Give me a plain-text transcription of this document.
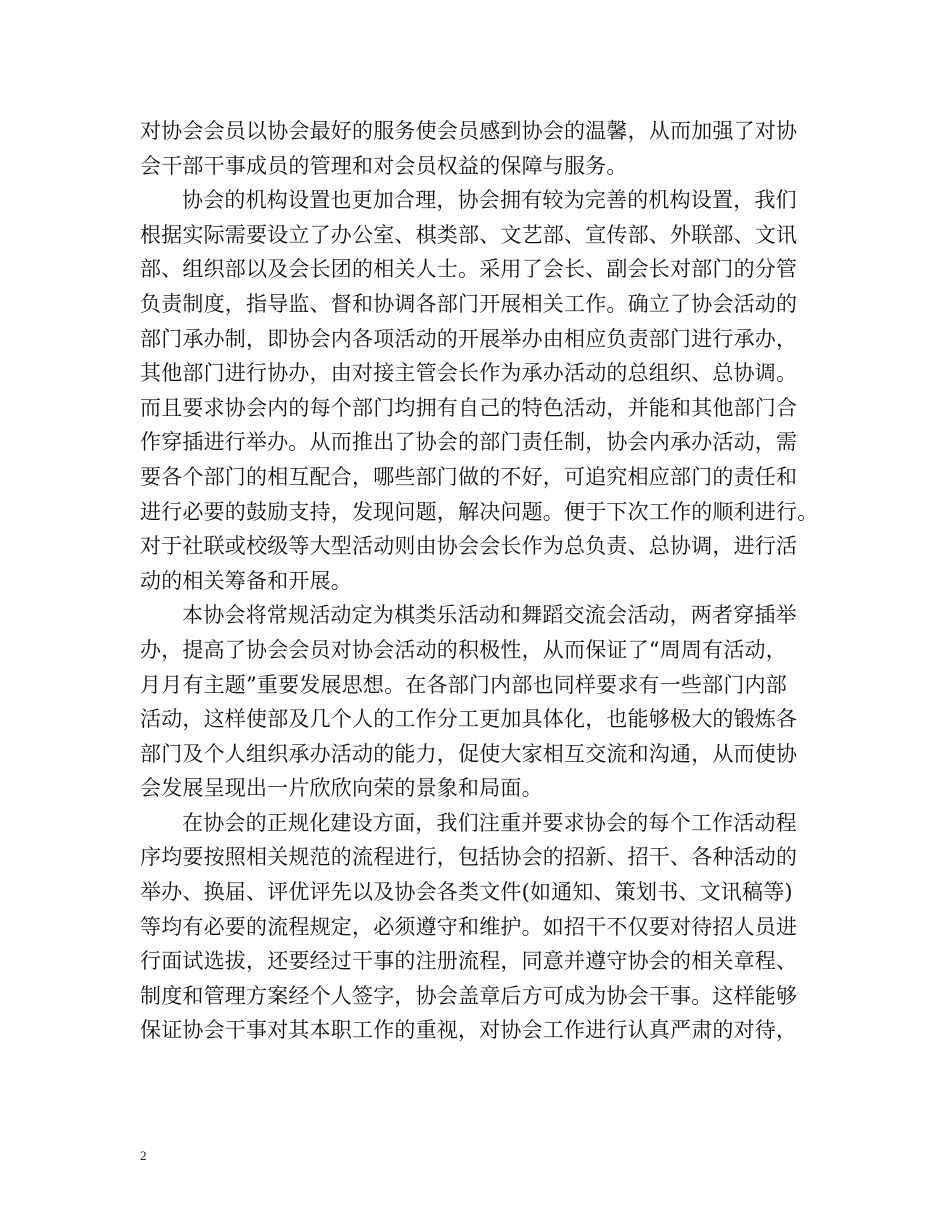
对协会会员以协会最好的服务使会员感到协会的温馨，从而加强了对协
会干部干事成员的管理和对会员权益的保障与服务。
协会的机构设置也更加合理，协会拥有较为完善的机构设置，我们
根据实际需要设立了办公室、棋类部、文艺部、宣传部、外联部、文讯
部、组织部以及会长团的相关人士。采用了会长、副会长对部门的分管
负责制度，指导监、督和协调各部门开展相关工作。确立了协会活动的
部门承办制，即协会内各项活动的开展举办由相应负责部门进行承办，
其他部门进行协办，由对接主管会长作为承办活动的总组织、总协调。
而且要求协会内的每个部门均拥有自己的特色活动，并能和其他部门合
作穿插进行举办。从而推出了协会的部门责任制，协会内承办活动，需
要各个部门的相互配合，哪些部门做的不好，可追究相应部门的责任和
进行必要的鼓励支持，发现问题，解决问题。便于下次工作的顺利进行。
对于社联或校级等大型活动则由协会会长作为总负责、总协调，进行活
动的相关筹备和开展。
本协会将常规活动定为棋类乐活动和舞蹈交流会活动，两者穿插举
办，提高了协会会员对协会活动的积极性，从而保证了“周周有活动，
月月有主题”重要发展思想。在各部门内部也同样要求有一些部门内部
活动，这样使部及几个人的工作分工更加具体化，也能够极大的锻炼各
部门及个人组织承办活动的能力，促使大家相互交流和沟通，从而使协
会发展呈现出一片欣欣向荣的景象和局面。
在协会的正规化建设方面，我们注重并要求协会的每个工作活动程
序均要按照相关规范的流程进行，包括协会的招新、招干、各种活动的
举办、换届、评优评先以及协会各类文件(如通知、策划书、文讯稿等)
等均有必要的流程规定，必须遵守和维护。如招干不仅要对待招人员进
行面试选拔，还要经过干事的注册流程，同意并遵守协会的相关章程、
制度和管理方案经个人签字，协会盖章后方可成为协会干事。这样能够
保证协会干事对其本职工作的重视，对协会工作进行认真严肃的对待，
2
